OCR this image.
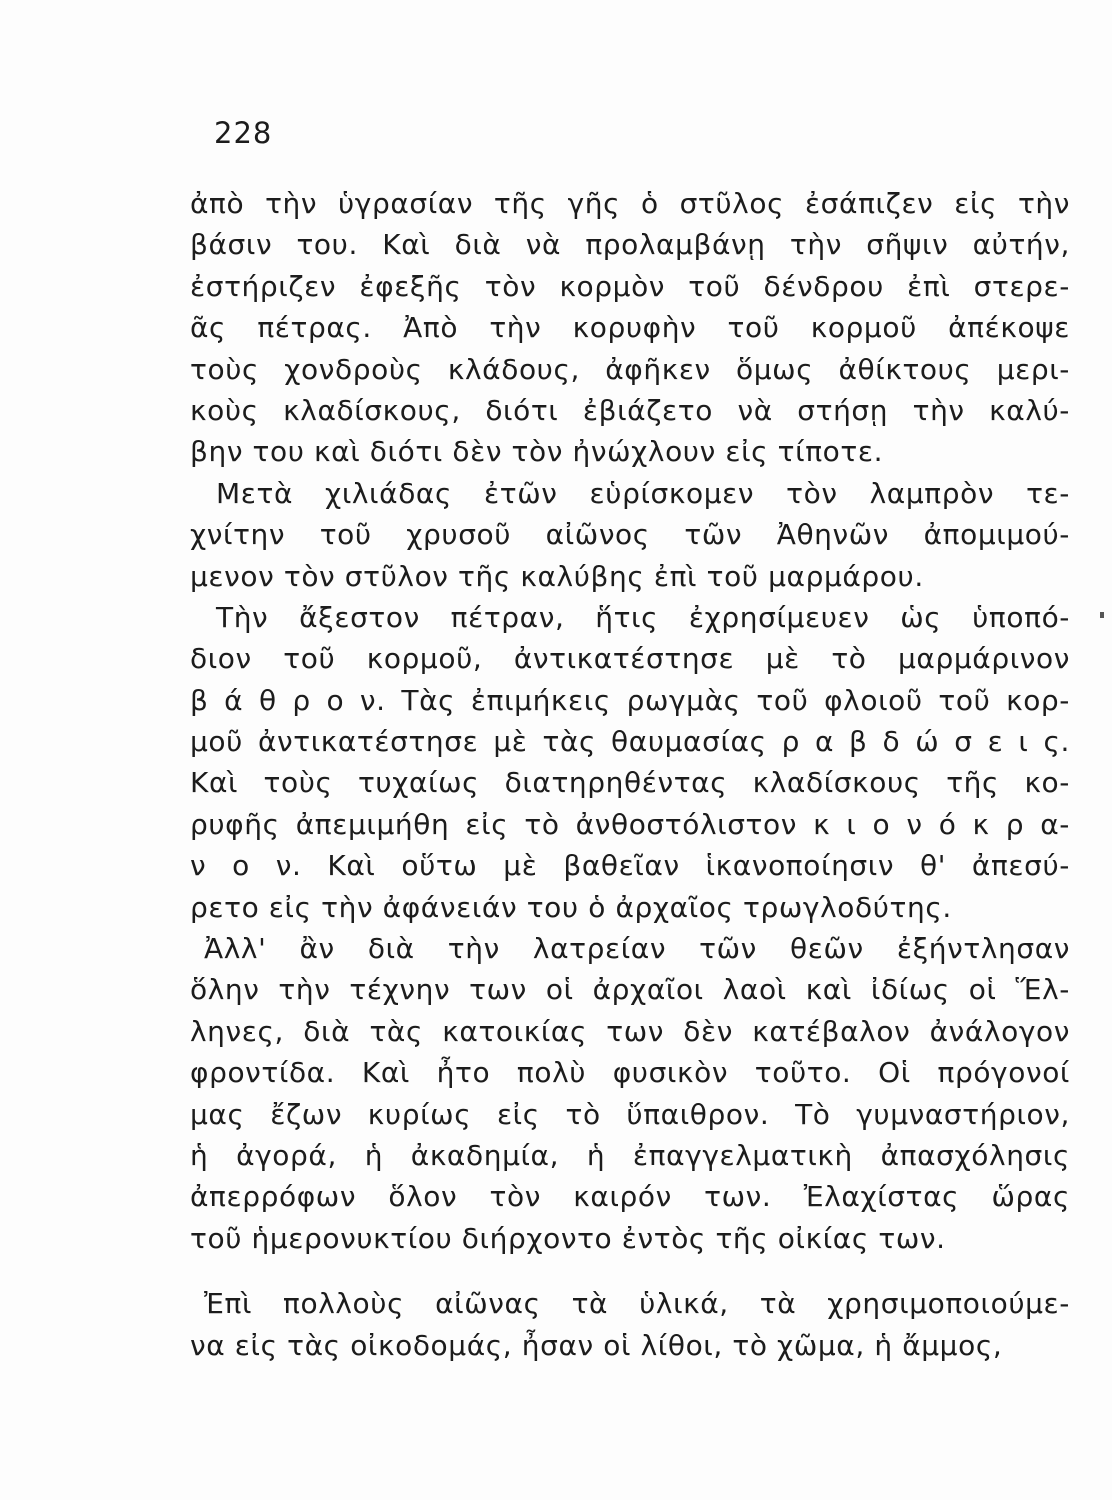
228
ἀπὸ τὴν ὑγρασίαν τῆς γῆς ὁ στῦλος ἐσάπιζεν εἰς τὴν
βάσιν του. Καὶ διὰ νὰ προλαμβάνῃ τὴν σῆψιν αὐτήν,
ἐστήριζεν ἐφεξῆς τὸν κορμὸν τοῦ δένδρου ἐπὶ στερε-
ᾶς πέτρας. Ἀπὸ τὴν κορυφὴν τοῦ κορμοῦ ἀπέκοψε
τοὺς χονδροὺς κλάδους, ἀφῆκεν ὅμως ἀθίκτους μερι-
κοὺς κλαδίσκους, διότι ἐβιάζετο νὰ στήσῃ τὴν καλύ-
βην του καὶ διότι δὲν τὸν ἠνώχλουν εἰς τίποτε.
Μετὰ χιλιάδας ἐτῶν εὑρίσκομεν τὸν λαμπρὸν τε-
χνίτην τοῦ χρυσοῦ αἰῶνος τῶν Ἀθηνῶν ἀπομιμού-
μενον τὸν στῦλον τῆς καλύβης ἐπὶ τοῦ μαρμάρου.
Τὴν ἄξεστον πέτραν, ἥτις ἐχρησίμευεν ὡς ὑποπό-
διον τοῦ κορμοῦ, ἀντικατέστησε μὲ τὸ μαρμάρινον
β ά θ ρ ο ν. Τὰς ἐπιμήκεις ρωγμὰς τοῦ φλοιοῦ τοῦ κορ-
μοῦ ἀντικατέστησε μὲ τὰς θαυμασίας ρ α β δ ώ σ ε ι ς.
Καὶ τοὺς τυχαίως διατηρηθέντας κλαδίσκους τῆς κο-
ρυφῆς ἀπεμιμήθη εἰς τὸ ἀνθοστόλιστον κ ι ο ν ό κ ρ α-
ν ο ν. Καὶ οὕτω μὲ βαθεῖαν ἱκανοποίησιν θ' ἀπεσύ-
ρετο εἰς τὴν ἀφάνειάν του ὁ ἀρχαῖος τρωγλοδύτης.
Ἀλλ' ἂν διὰ τὴν λατρείαν τῶν θεῶν ἐξήντλησαν
ὅλην τὴν τέχνην των οἱ ἀρχαῖοι λαοὶ καὶ ἰδίως οἱ Ἕλ-
ληνες, διὰ τὰς κατοικίας των δὲν κατέβαλον ἀνάλογον
φροντίδα. Καὶ ἦτο πολὺ φυσικὸν τοῦτο. Οἱ πρόγονοί
μας ἔζων κυρίως εἰς τὸ ὕπαιθρον. Τὸ γυμναστήριον,
ἡ ἀγορά, ἡ ἀκαδημία, ἡ ἐπαγγελματικὴ ἀπασχόλησις
ἀπερρόφων ὅλον τὸν καιρόν των. Ἐλαχίστας ὥρας
τοῦ ἡμερονυκτίου διήρχοντο ἐντὸς τῆς οἰκίας των.
Ἐπὶ πολλοὺς αἰῶνας τὰ ὑλικά, τὰ χρησιμοποιούμε-
να εἰς τὰς οἰκοδομάς, ἦσαν οἱ λίθοι, τὸ χῶμα, ἡ ἄμμος,
